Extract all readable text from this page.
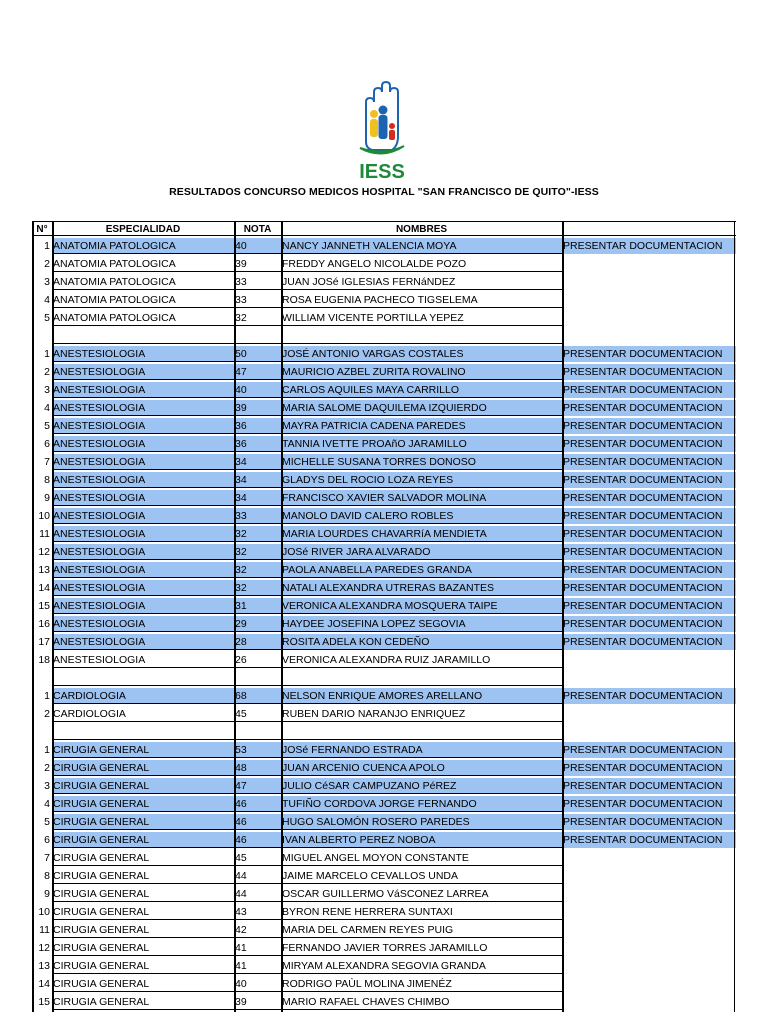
IESS
RESULTADOS CONCURSO MEDICOS HOSPITAL "SAN FRANCISCO DE QUITO"-IESS
N°	ESPECIALIDAD	NOTA	NOMBRES
1 ANATOMIA PATOLOGICA	40	NANCY JANNETH VALENCIA MOYA	PRESENTAR DOCUMENTACION
2 ANATOMIA PATOLOGICA	39	FREDDY ANGELO NICOLALDE POZO
3 ANATOMIA PATOLOGICA	33	JUAN JOSé IGLESIAS FERNáNDEZ
4 ANATOMIA PATOLOGICA	33	ROSA EUGENIA PACHECO TIGSELEMA
5 ANATOMIA PATOLOGICA	32	WILLIAM VICENTE PORTILLA YEPEZ
1 ANESTESIOLOGIA	50	JOSÉ ANTONIO VARGAS COSTALES	PRESENTAR DOCUMENTACION
2 ANESTESIOLOGIA	47	MAURICIO AZBEL ZURITA ROVALINO	PRESENTAR DOCUMENTACION
3 ANESTESIOLOGIA	40	CARLOS AQUILES MAYA CARRILLO	PRESENTAR DOCUMENTACION
4 ANESTESIOLOGIA	39	MARIA SALOME DAQUILEMA IZQUIERDO	PRESENTAR DOCUMENTACION
5 ANESTESIOLOGIA	36	MAYRA PATRICIA CADENA PAREDES	PRESENTAR DOCUMENTACION
6 ANESTESIOLOGIA	36	TANNIA IVETTE PROAñO JARAMILLO	PRESENTAR DOCUMENTACION
7 ANESTESIOLOGIA	34	MICHELLE SUSANA TORRES DONOSO	PRESENTAR DOCUMENTACION
8 ANESTESIOLOGIA	34	GLADYS DEL ROCIO LOZA REYES	PRESENTAR DOCUMENTACION
9 ANESTESIOLOGIA	34	FRANCISCO XAVIER SALVADOR MOLINA	PRESENTAR DOCUMENTACION
10 ANESTESIOLOGIA	33	MANOLO DAVID CALERO ROBLES	PRESENTAR DOCUMENTACION
11 ANESTESIOLOGIA	32	MARIA LOURDES CHAVARRíA MENDIETA	PRESENTAR DOCUMENTACION
12 ANESTESIOLOGIA	32	JOSé RIVER JARA ALVARADO	PRESENTAR DOCUMENTACION
13 ANESTESIOLOGIA	32	PAOLA ANABELLA PAREDES GRANDA	PRESENTAR DOCUMENTACION
14 ANESTESIOLOGIA	32	NATALI ALEXANDRA UTRERAS BAZANTES	PRESENTAR DOCUMENTACION
15 ANESTESIOLOGIA	31	VERONICA ALEXANDRA MOSQUERA TAIPE	PRESENTAR DOCUMENTACION
16 ANESTESIOLOGIA	29	HAYDEE JOSEFINA LOPEZ SEGOVIA	PRESENTAR DOCUMENTACION
17 ANESTESIOLOGIA	28	ROSITA ADELA KON CEDEÑO	PRESENTAR DOCUMENTACION
18 ANESTESIOLOGIA	26	VERONICA ALEXANDRA RUIZ JARAMILLO
1 CARDIOLOGIA	68	NELSON ENRIQUE AMORES ARELLANO	PRESENTAR DOCUMENTACION
2 CARDIOLOGIA	45	RUBEN DARIO NARANJO ENRIQUEZ
1 CIRUGIA GENERAL	53	JOSé FERNANDO ESTRADA	PRESENTAR DOCUMENTACION
2 CIRUGIA GENERAL	48	JUAN ARCENIO CUENCA APOLO	PRESENTAR DOCUMENTACION
3 CIRUGIA GENERAL	47	JULIO CéSAR CAMPUZANO PéREZ	PRESENTAR DOCUMENTACION
4 CIRUGIA GENERAL	46	TUFIÑO CORDOVA JORGE FERNANDO	PRESENTAR DOCUMENTACION
5 CIRUGIA GENERAL	46	HUGO SALOMÓN ROSERO PAREDES	PRESENTAR DOCUMENTACION
6 CIRUGIA GENERAL	46	IVAN ALBERTO PEREZ NOBOA	PRESENTAR DOCUMENTACION
7 CIRUGIA GENERAL	45	MIGUEL ANGEL MOYON CONSTANTE
8 CIRUGIA GENERAL	44	JAIME MARCELO CEVALLOS UNDA
9 CIRUGIA GENERAL	44	OSCAR GUILLERMO VáSCONEZ LARREA
10 CIRUGIA GENERAL	43	BYRON RENE HERRERA SUNTAXI
11 CIRUGIA GENERAL	42	MARIA DEL CARMEN REYES PUIG
12 CIRUGIA GENERAL	41	FERNANDO JAVIER TORRES JARAMILLO
13 CIRUGIA GENERAL	41	MIRYAM ALEXANDRA SEGOVIA GRANDA
14 CIRUGIA GENERAL	40	RODRIGO PAÙL MOLINA JIMENÉZ
15 CIRUGIA GENERAL	39	MARIO RAFAEL CHAVES CHIMBO
